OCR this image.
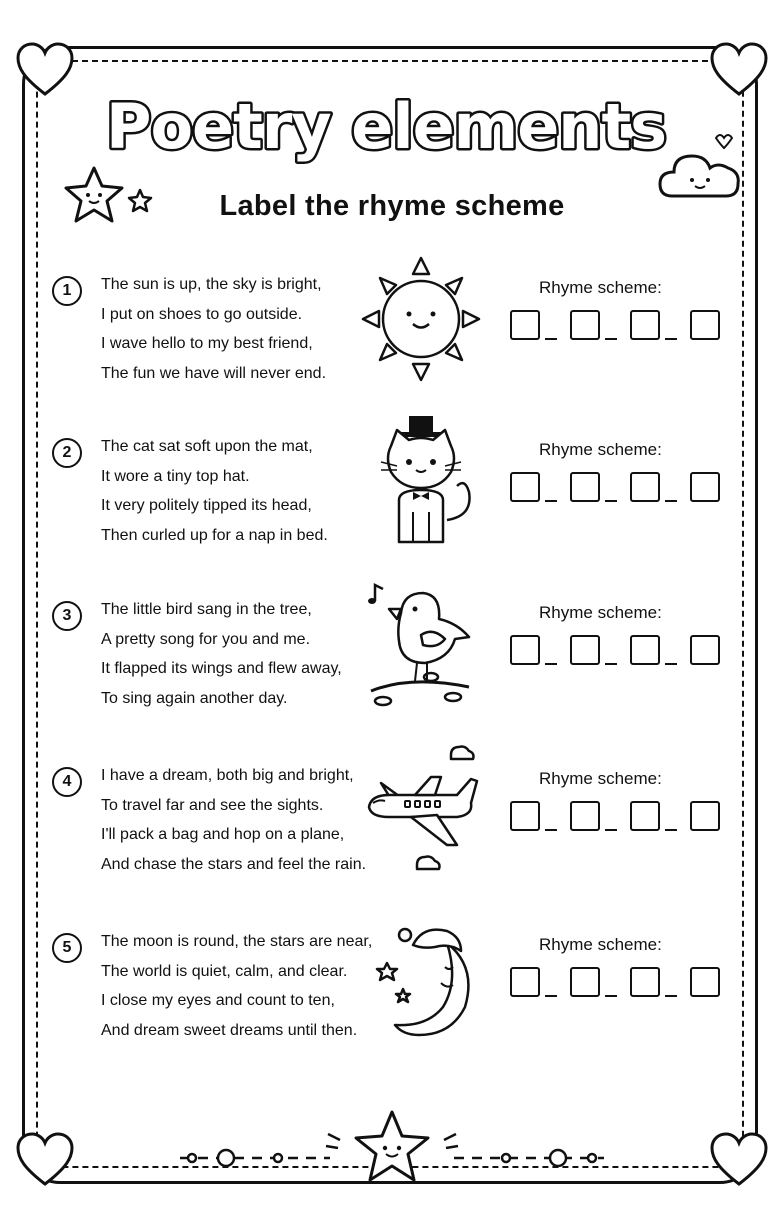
Poetry elements
Label the rhyme scheme
1	The sun is up, the sky is bright,
I put on shoes to go outside.
I wave hello to my best friend,
The fun we have will never end.
Rhyme scheme:
2	The cat sat soft upon the mat,
It wore a tiny top hat.
It very politely tipped its head,
Then curled up for a nap in bed.
Rhyme scheme:
3	The little bird sang in the tree,
A pretty song for you and me.
It flapped its wings and flew away,
To sing again another day.
Rhyme scheme:
4	I have a dream, both big and bright,
To travel far and see the sights.
I'll pack a bag and hop on a plane,
And chase the stars and feel the rain.
Rhyme scheme:
5	The moon is round, the stars are near,
The world is quiet, calm, and clear.
I close my eyes and count to ten,
And dream sweet dreams until then.
Rhyme scheme:
